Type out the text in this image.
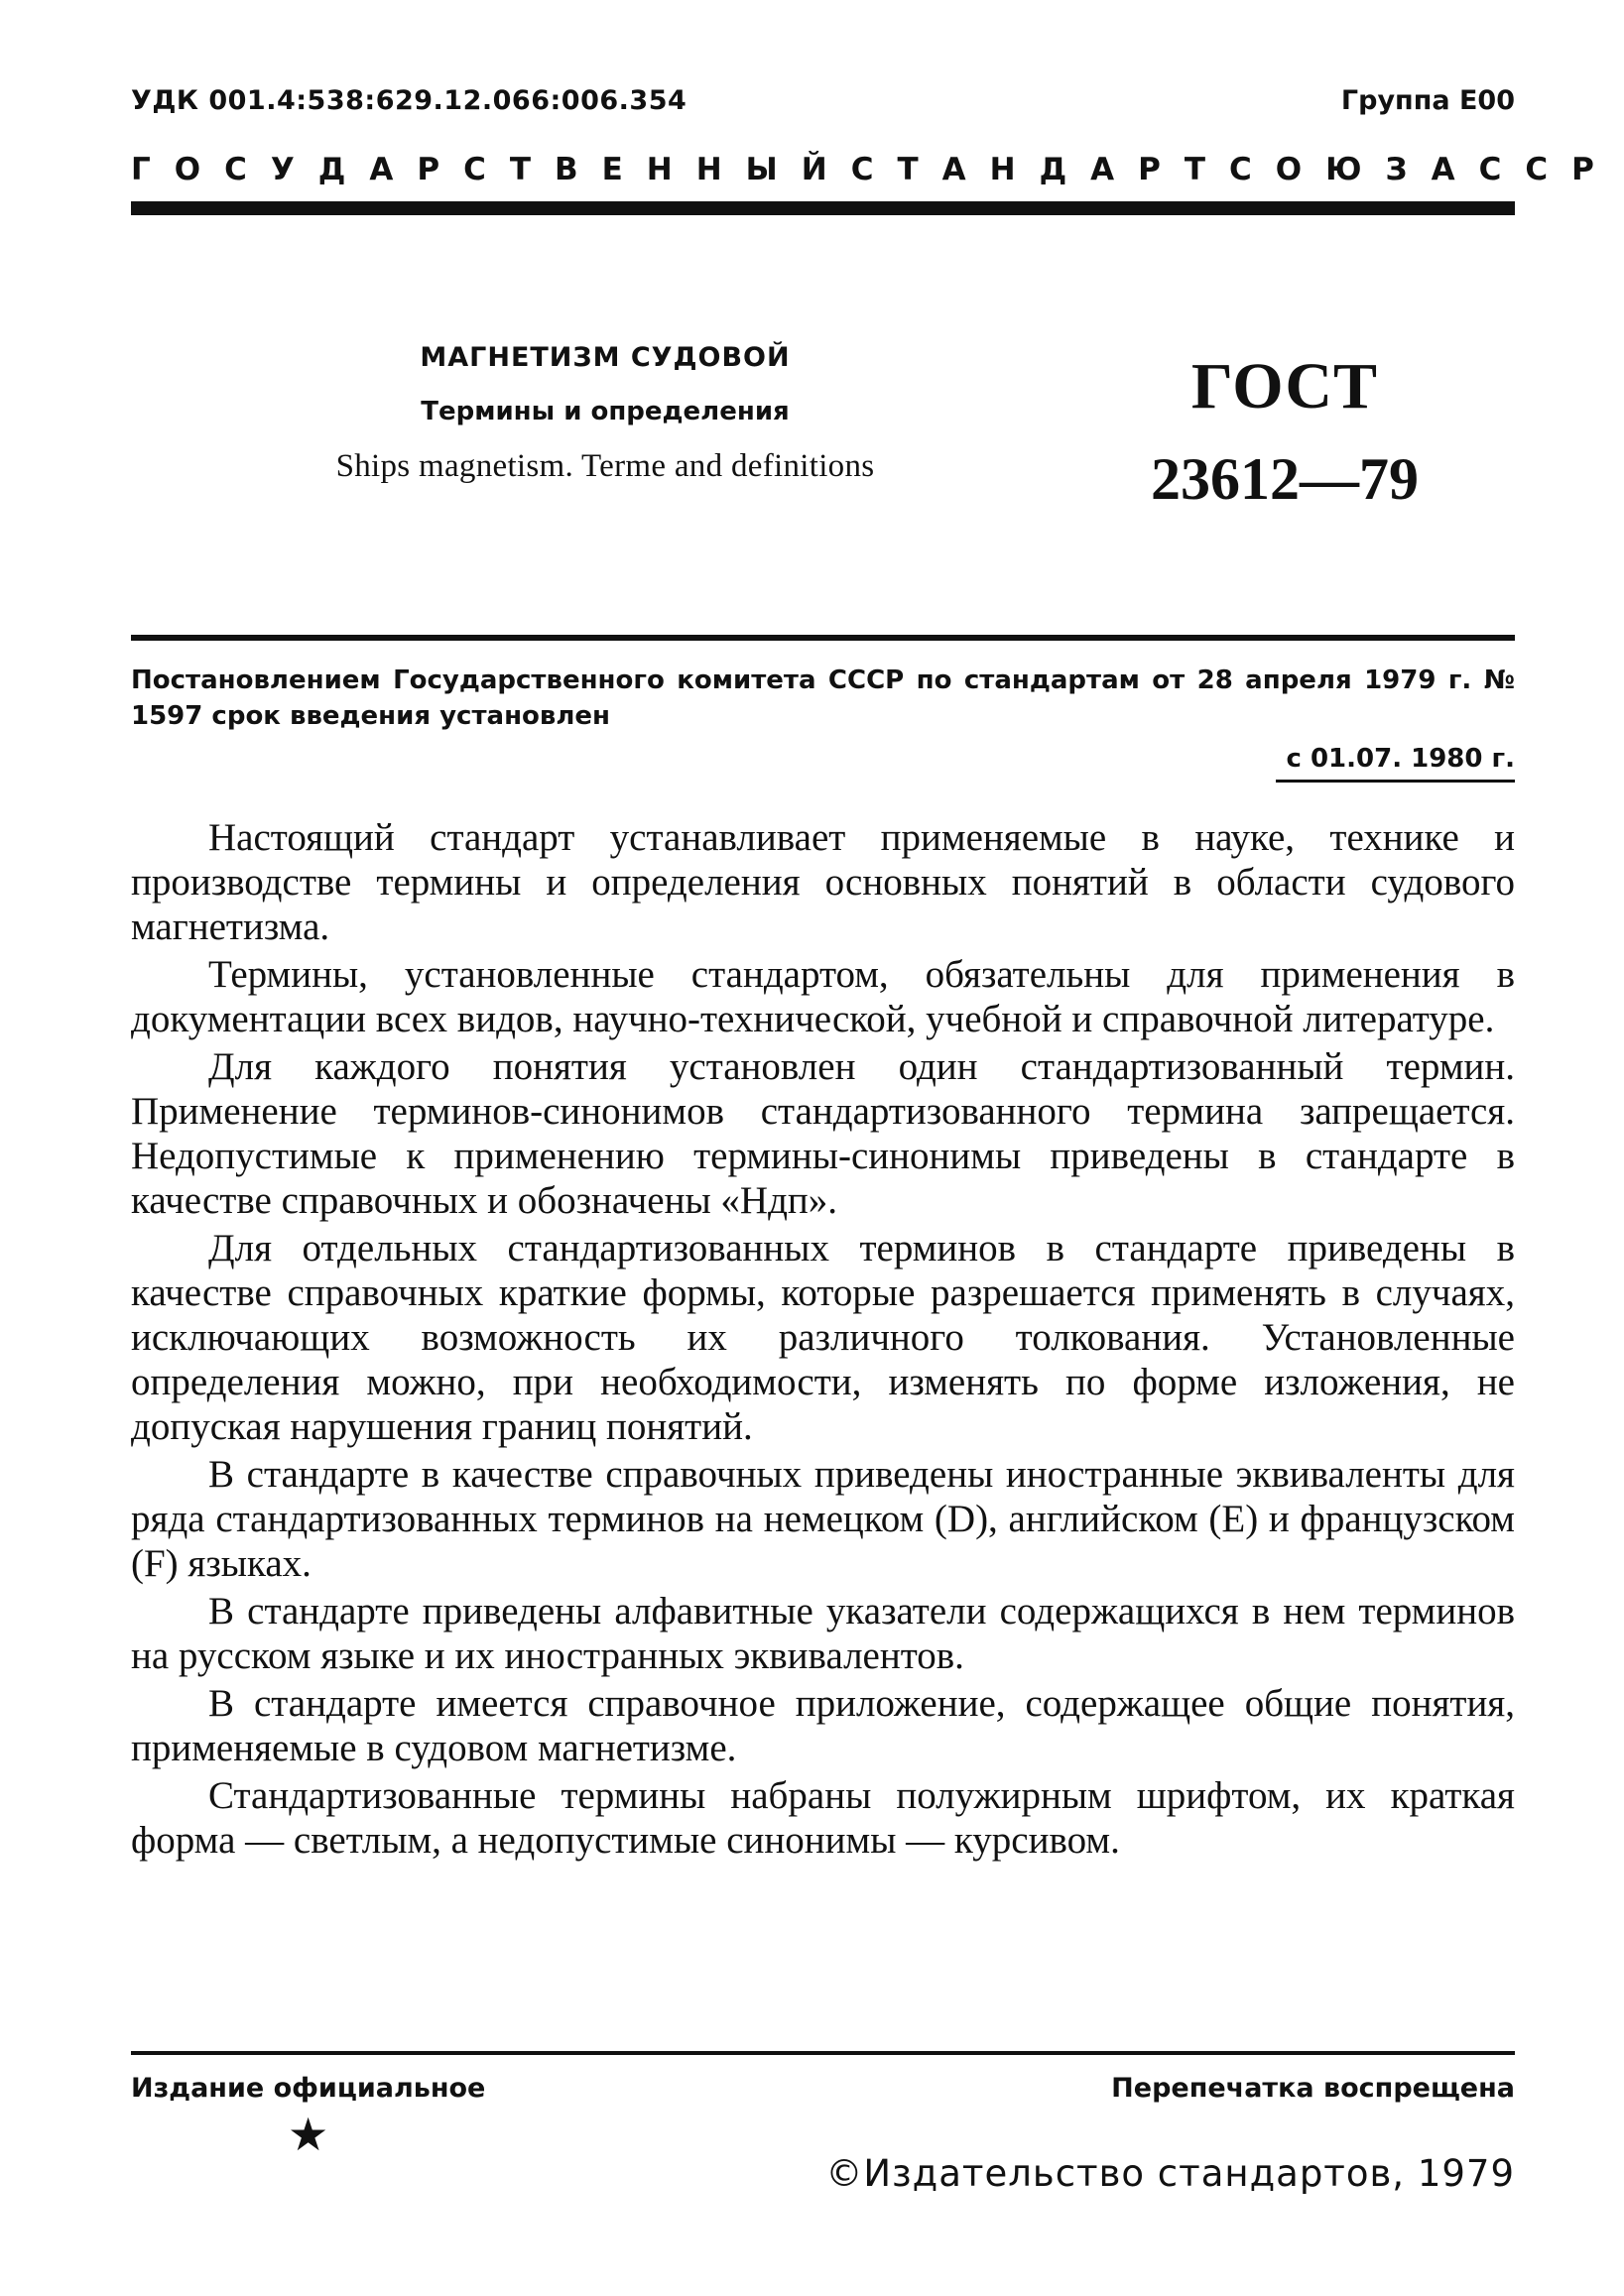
УДК 001.4:538:629.12.066:006.354	Группа Е00
ГОСУДАРСТВЕННЫЙ СТАНДАРТ СОЮЗА ССР
МАГНЕТИЗМ СУДОВОЙ
Термины и определения
Ships magnetism. Terme and definitions
ГОСТ
23612—79
Постановлением Государственного комитета СССР по стандартам от 28 апреля 1979 г. № 1597 срок введения установлен
с 01.07. 1980 г.

Настоящий стандарт устанавливает применяемые в науке, технике и производстве термины и определения основных понятий в области судового магнетизма.

Термины, установленные стандартом, обязательны для применения в документации всех видов, научно-технической, учебной и справочной литературе.

Для каждого понятия установлен один стандартизованный термин. Применение терминов-синонимов стандартизованного термина запрещается. Недопустимые к применению термины-синонимы приведены в стандарте в качестве справочных и обозначены «Ндп».

Для отдельных стандартизованных терминов в стандарте приведены в качестве справочных краткие формы, которые разрешается применять в случаях, исключающих возможность их различного толкования. Установленные определения можно, при необходимости, изменять по форме изложения, не допуская нарушения границ понятий.

В стандарте в качестве справочных приведены иностранные эквиваленты для ряда стандартизованных терминов на немецком (D), английском (E) и французском (F) языках.

В стандарте приведены алфавитные указатели содержащихся в нем терминов на русском языке и их иностранных эквивалентов.

В стандарте имеется справочное приложение, содержащее общие понятия, применяемые в судовом магнетизме.

Стандартизованные термины набраны полужирным шрифтом, их краткая форма — светлым, а недопустимые синонимы — курсивом.

Издание официальное	Перепечатка воспрещена
★
©Издательство стандартов, 1979
